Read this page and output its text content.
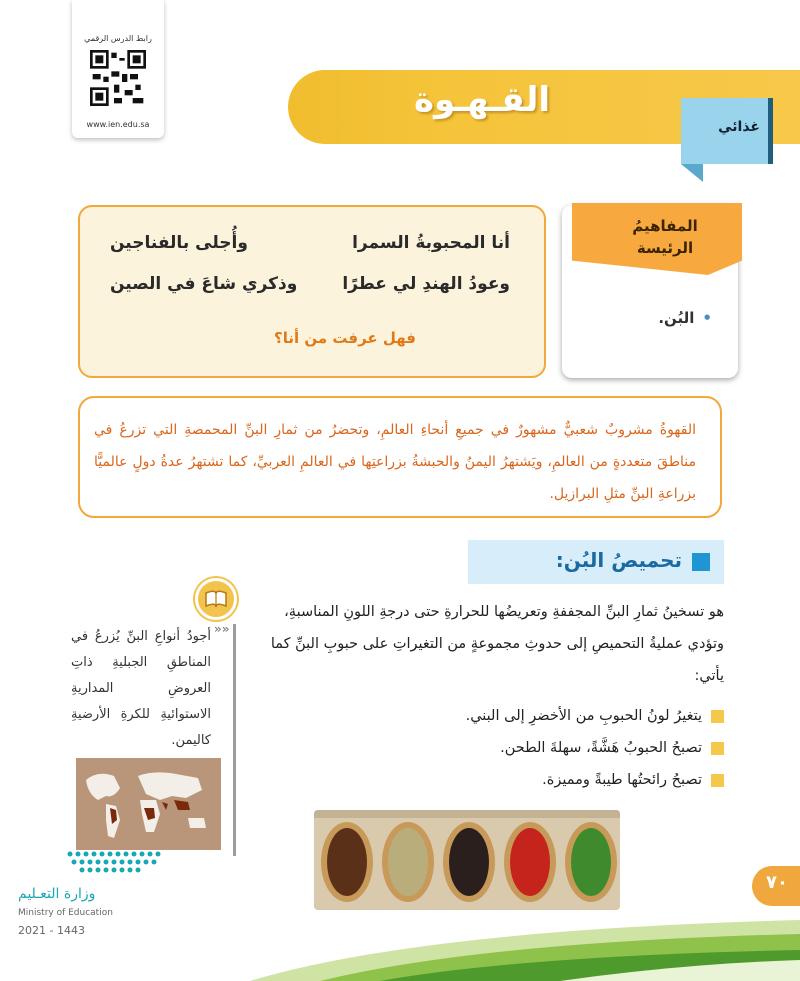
رابط الدرس الرقمي
www.ien.edu.sa
القـهـوة
غذائي
أنا المحبوبةُ السمرا
وأُجلى بالفناجين
وعودُ الهندِ لي عطرًا
وذكري شاعَ في الصين
فهل عرفت من أنا؟
المفاهيمُ الرئيسة
•البُن.

القهوةُ مشروبٌ شعبيٌّ مشهورٌ في جميعِ أنحاءِ العالمِ، وتحضرُ من ثمارِ البنِّ المحمصةِ التي تزرعُ في مناطقَ متعددةٍ من العالمِ، ويَشتهرُ اليمنُ والحبشةُ بزراعتِها في العالمِ العربيِّ، كما تشتهرُ عدةُ دولٍ عالميًّا بزراعةِ البنِّ مثلِ البرازيل.

تحميصُ البُن:

هو تسخينُ ثمارِ البنِّ المجففةِ وتعريضُها للحرارةِ حتى درجةِ اللونِ المناسبةِ، وتؤدي عمليةُ التحميصِ إلى حدوثِ مجموعةٍ من التغيراتِ على حبوبِ البنِّ كما يأتي:

يتغيرُ لونُ الحبوبِ من الأخضرِ إلى البني.
تصبحُ الحبوبُ هَشَّةً، سهلةَ الطحن.
تصبحُ رائحتُها طيبةً ومميزة.
»»

أجودُ أنواعِ البنِّ يُزرعُ في المناطقِ الجبليةِ ذاتِ العروضِ المداريةِ الاستوائيةِ للكرةِ الأرضيةِ كاليمن.

٧٠
وزارة التعـليم
Ministry of Education
2021 - 1443
